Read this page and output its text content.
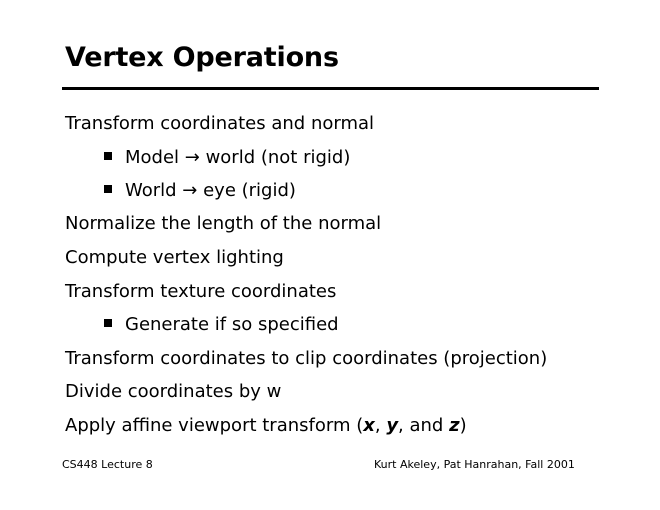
Vertex Operations
Transform coordinates and normal
Model → world (not rigid)
World → eye (rigid)
Normalize the length of the normal
Compute vertex lighting
Transform texture coordinates
Generate if so specified
Transform coordinates to clip coordinates (projection)
Divide coordinates by w
Apply affine viewport transform (x, y, and z)
CS448 Lecture 8	Kurt Akeley, Pat Hanrahan, Fall 2001
